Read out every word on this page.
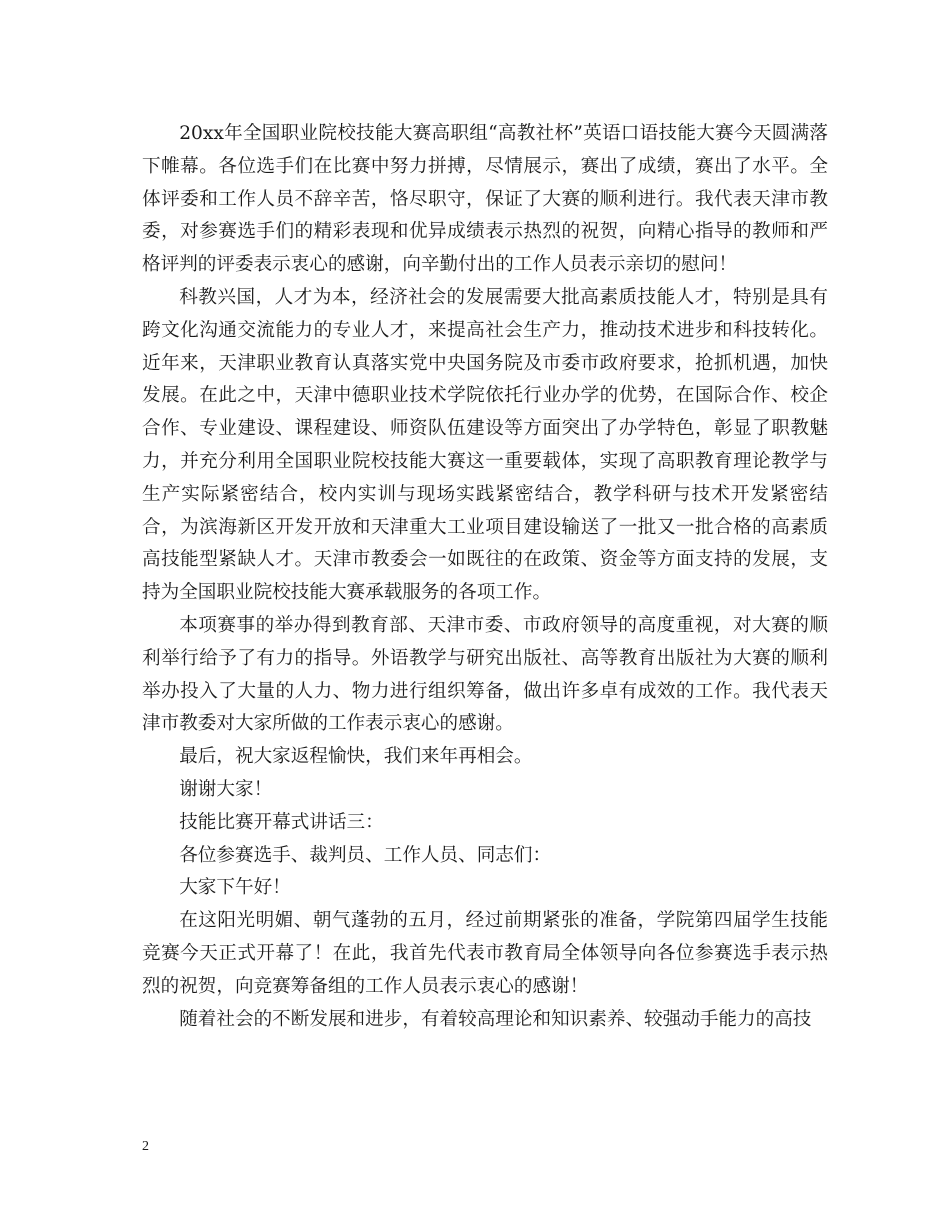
20xx年全国职业院校技能大赛高职组“高教社杯”英语口语技能大赛今天圆满落下帷幕。各位选手们在比赛中努力拼搏，尽情展示，赛出了成绩，赛出了水平。全体评委和工作人员不辞辛苦，恪尽职守，保证了大赛的顺利进行。我代表天津市教委，对参赛选手们的精彩表现和优异成绩表示热烈的祝贺，向精心指导的教师和严格评判的评委表示衷心的感谢，向辛勤付出的工作人员表示亲切的慰问！

科教兴国，人才为本，经济社会的发展需要大批高素质技能人才，特别是具有跨文化沟通交流能力的专业人才，来提高社会生产力，推动技术进步和科技转化。近年来，天津职业教育认真落实党中央国务院及市委市政府要求，抢抓机遇，加快发展。在此之中，天津中德职业技术学院依托行业办学的优势，在国际合作、校企合作、专业建设、课程建设、师资队伍建设等方面突出了办学特色，彰显了职教魅力，并充分利用全国职业院校技能大赛这一重要载体，实现了高职教育理论教学与生产实际紧密结合，校内实训与现场实践紧密结合，教学科研与技术开发紧密结合，为滨海新区开发开放和天津重大工业项目建设输送了一批又一批合格的高素质高技能型紧缺人才。天津市教委会一如既往的在政策、资金等方面支持的发展，支持为全国职业院校技能大赛承载服务的各项工作。

本项赛事的举办得到教育部、天津市委、市政府领导的高度重视，对大赛的顺利举行给予了有力的指导。外语教学与研究出版社、高等教育出版社为大赛的顺利举办投入了大量的人力、物力进行组织筹备，做出许多卓有成效的工作。我代表天津市教委对大家所做的工作表示衷心的感谢。

最后，祝大家返程愉快，我们来年再相会。

谢谢大家！

技能比赛开幕式讲话三：

各位参赛选手、裁判员、工作人员、同志们：

大家下午好！

在这阳光明媚、朝气蓬勃的五月，经过前期紧张的准备，学院第四届学生技能竞赛今天正式开幕了！在此，我首先代表市教育局全体领导向各位参赛选手表示热烈的祝贺，向竞赛筹备组的工作人员表示衷心的感谢！

随着社会的不断发展和进步，有着较高理论和知识素养、较强动手能力的高技

2
